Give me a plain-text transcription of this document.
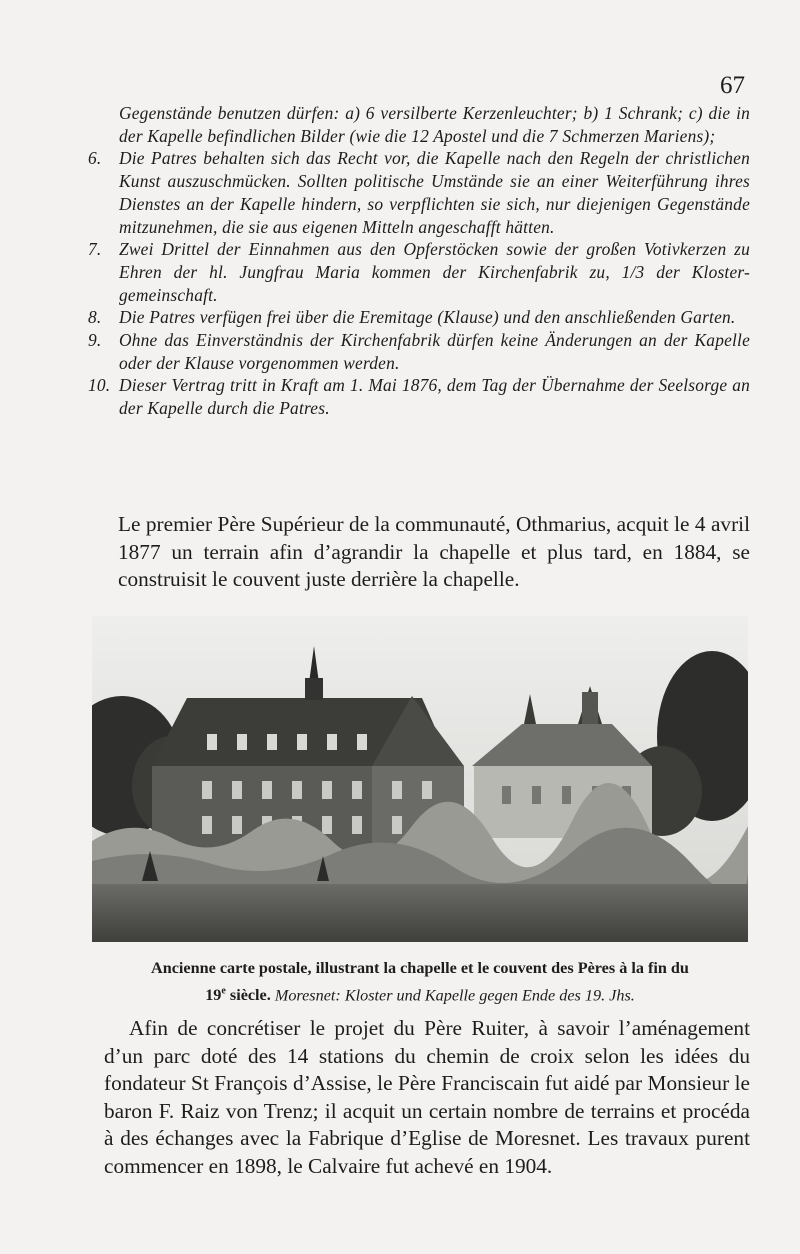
67

Gegenstände benutzen dürfen: a) 6 versilberte Kerzenleuchter; b) 1 Schrank; c) die in der Kapelle befindlichen Bilder (wie die 12 Apostel und die 7 Schmerzen Mariens);

6.	Die Patres behalten sich das Recht vor, die Kapelle nach den Regeln der christlichen Kunst auszuschmücken. Sollten politische Umstände sie an einer Weiterführung ihres Dienstes an der Kapelle hindern, so verpflichten sie sich, nur diejenigen Gegenstände mitzunehmen, die sie aus eigenen Mitteln angeschafft hätten.
7.	Zwei Drittel der Einnahmen aus den Opferstöcken sowie der großen Votivkerzen zu Ehren der hl. Jungfrau Maria kommen der Kirchenfabrik zu, 1/3 der Kloster-gemeinschaft.
8.	Die Patres verfügen frei über die Eremitage (Klause) und den anschließenden Garten.
9.	Ohne das Einverständnis der Kirchenfabrik dürfen keine Änderungen an der Kapelle oder der Klause vorgenommen werden.
10. Dieser Vertrag tritt in Kraft am 1. Mai 1876, dem Tag der Übernahme der Seelsorge an der Kapelle durch die Patres.

Le premier Père Supérieur de la communauté, Othmarius, acquit le 4 avril 1877 un terrain afin d’agrandir la chapelle et plus tard, en 1884, se construisit le couvent juste derrière la chapelle.

Ancienne carte postale, illustrant la chapelle et le couvent des Pères à la fin du
19e siècle. Moresnet: Kloster und Kapelle gegen Ende des 19. Jhs.

Afin de concrétiser le projet du Père Ruiter, à savoir l’aménagement d’un parc doté des 14 stations du chemin de croix selon les idées du fondateur St François d’Assise, le Père Franciscain fut aidé par Monsieur le baron F. Raiz von Trenz; il acquit un certain nombre de terrains et procéda à des échanges avec la Fabrique d’Eglise de Moresnet. Les travaux purent commencer en 1898, le Calvaire fut achevé en 1904.
